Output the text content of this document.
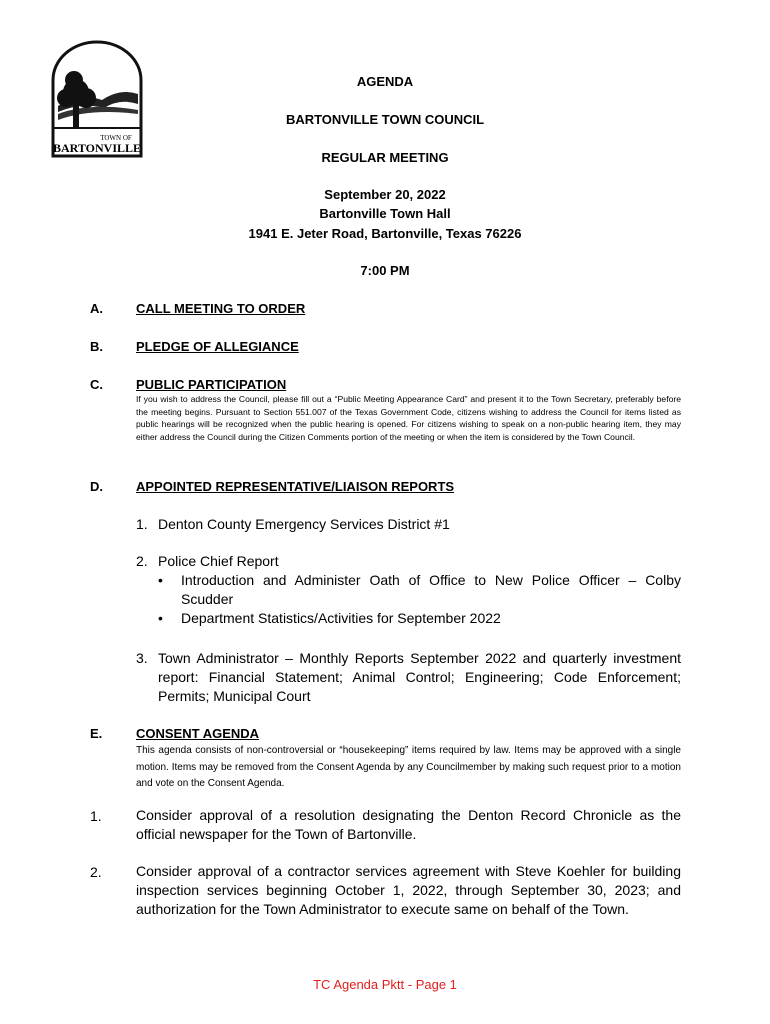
TOWN OF
BARTONVILLE
AGENDA
BARTONVILLE TOWN COUNCIL
REGULAR MEETING
September 20, 2022
Bartonville Town Hall
1941 E. Jeter Road, Bartonville, Texas 76226
7:00 PM
A.	CALL MEETING TO ORDER
B.	PLEDGE OF ALLEGIANCE
C.	PUBLIC PARTICIPATION
If you wish to address the Council, please fill out a “Public Meeting Appearance Card” and present it to the Town Secretary, preferably before the meeting begins. Pursuant to Section 551.007 of the Texas Government Code, citizens wishing to address the Council for items listed as public hearings will be recognized when the public hearing is opened. For citizens wishing to speak on a non-public hearing item, they may either address the Council during the Citizen Comments portion of the meeting or when the item is considered by the Town Council.
D.	APPOINTED REPRESENTATIVE/LIAISON REPORTS
1. Denton County Emergency Services District #1
2. Police Chief Report
•	Introduction and Administer Oath of Office to New Police Officer – Colby Scudder
•	Department Statistics/Activities for September 2022
3. Town Administrator – Monthly Reports September 2022 and quarterly investment report: Financial Statement; Animal Control; Engineering; Code Enforcement; Permits; Municipal Court
E.	CONSENT AGENDA
This agenda consists of non-controversial or “housekeeping” items required by law. Items may be approved with a single motion. Items may be removed from the Consent Agenda by any Councilmember by making such request prior to a motion and vote on the Consent Agenda.
1. Consider approval of a resolution designating the Denton Record Chronicle as the official newspaper for the Town of Bartonville.
2. Consider approval of a contractor services agreement with Steve Koehler for building inspection services beginning October 1, 2022, through September 30, 2023; and authorization for the Town Administrator to execute same on behalf of the Town.
TC Agenda Pktt - Page 1
